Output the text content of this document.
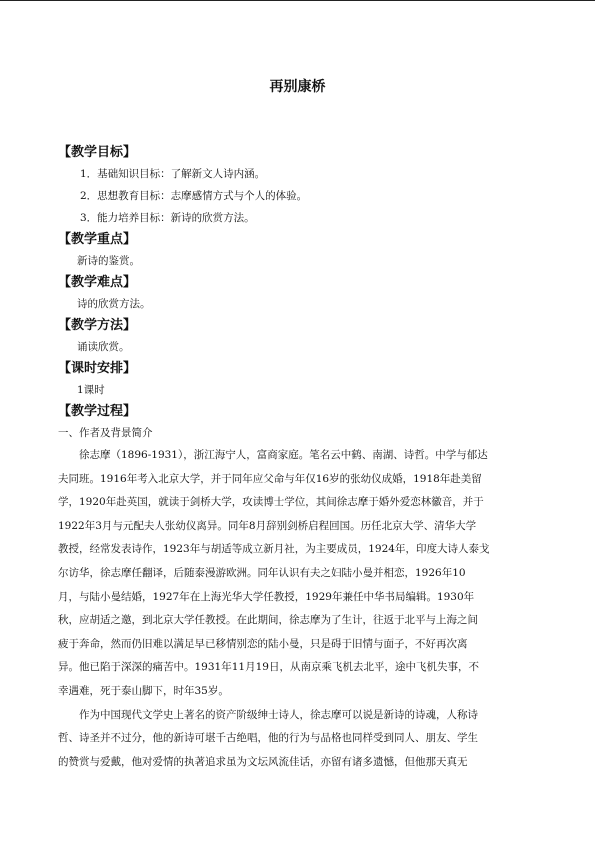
再别康桥
【教学目标】
1．基础知识目标：了解新文人诗内涵。
2．思想教育目标：志摩感情方式与个人的体验。
3．能力培养目标：新诗的欣赏方法。
【教学重点】
新诗的鉴赏。
【教学难点】
诗的欣赏方法。
【教学方法】
诵读欣赏。
【课时安排】
1课时
【教学过程】
一、作者及背景简介
徐志摩（1896-1931），浙江海宁人，富商家庭。笔名云中鹤、南湖、诗哲。中学与郁达
夫同班。1916年考入北京大学，并于同年应父命与年仅16岁的张幼仪成婚，1918年赴美留
学，1920年赴英国，就读于剑桥大学，攻读博士学位，其间徐志摩于婚外爱恋林徽音，并于
1922年3月与元配夫人张幼仪离异。同年8月辞别剑桥启程回国。历任北京大学、清华大学
教授，经常发表诗作，1923年与胡适等成立新月社，为主要成员，1924年，印度大诗人泰戈
尔访华，徐志摩任翻译，后随泰漫游欧洲。同年认识有夫之妇陆小曼并相恋，1926年10
月，与陆小曼结婚，1927年在上海光华大学任教授，1929年兼任中华书局编辑。1930年
秋，应胡适之邀，到北京大学任教授。在此期间，徐志摩为了生计，往返于北平与上海之间
疲于奔命，然而仍旧难以满足早已移情别恋的陆小曼，只是碍于旧情与面子，不好再次离
异。他已陷于深深的痛苦中。1931年11月19日，从南京乘飞机去北平，途中飞机失事，不
幸遇难，死于泰山脚下，时年35岁。
作为中国现代文学史上著名的资产阶级绅士诗人，徐志摩可以说是新诗的诗魂，人称诗
哲、诗圣并不过分，他的新诗可堪千古绝唱，他的行为与品格也同样受到同人、朋友、学生
的赞赏与爱戴，他对爱情的执著追求虽为文坛风流佳话，亦留有诸多遗憾，但他那天真无
